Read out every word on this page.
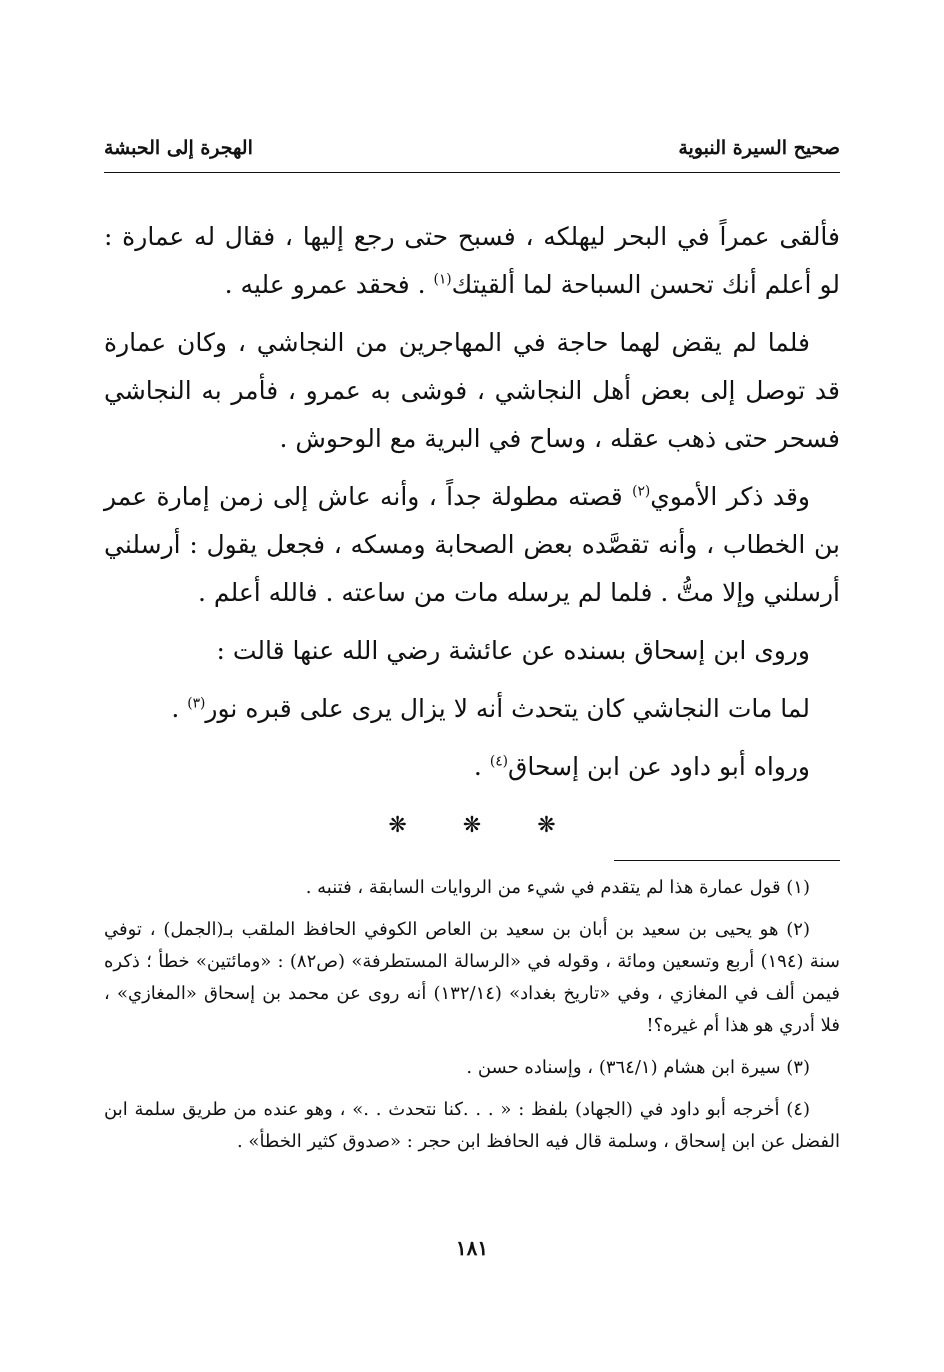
صحيح السيرة النبوية
الهجرة إلى الحبشة

فألقى عمراً في البحر ليهلكه ، فسبح حتى رجع إليها ، فقال له عمارة : لو أعلم أنك تحسن السباحة لما ألقيتك$^{(١)}$ . فحقد عمرو عليه .

فلما لم يقض لهما حاجة في المهاجرين من النجاشي ، وكان عمارة قد توصل إلى بعض أهل النجاشي ، فوشى به عمرو ، فأمر به النجاشي فسحر حتى ذهب عقله ، وساح في البرية مع الوحوش .

وقد ذكر الأموي$^{(٢)}$ قصته مطولة جداً ، وأنه عاش إلى زمن إمارة عمر بن الخطاب ، وأنه تقصَّده بعض الصحابة ومسكه ، فجعل يقول : أرسلني أرسلني وإلا متُّ . فلما لم يرسله مات من ساعته . فالله أعلم .

وروى ابن إسحاق بسنده عن عائشة رضي الله عنها قالت :

لما مات النجاشي كان يتحدث أنه لا يزال يرى على قبره نور$^{(٣)}$ .

ورواه أبو داود عن ابن إسحاق$^{(٤)}$ .

❋
❋
❋

(١) قول عمارة هذا لم يتقدم في شيء من الروايات السابقة ، فتنبه .

(٢) هو يحيى بن سعيد بن أبان بن سعيد بن العاص الكوفي الحافظ الملقب بـ(الجمل) ، توفي سنة (١٩٤) أربع وتسعين ومائة ، وقوله في «الرسالة المستطرفة» (ص٨٢) : «ومائتين» خطأ ؛ ذكره فيمن ألف في المغازي ، وفي «تاريخ بغداد» (١٣٢/١٤) أنه روى عن محمد بن إسحاق «المغازي» ، فلا أدري هو هذا أم غيره؟!

(٣) سيرة ابن هشام (٣٦٤/١) ، وإسناده حسن .

(٤) أخرجه أبو داود في (الجهاد) بلفظ : « . . .كنا نتحدث . .» ، وهو عنده من طريق سلمة ابن الفضل عن ابن إسحاق ، وسلمة قال فيه الحافظ ابن حجر : «صدوق كثير الخطأ» .

١٨١
